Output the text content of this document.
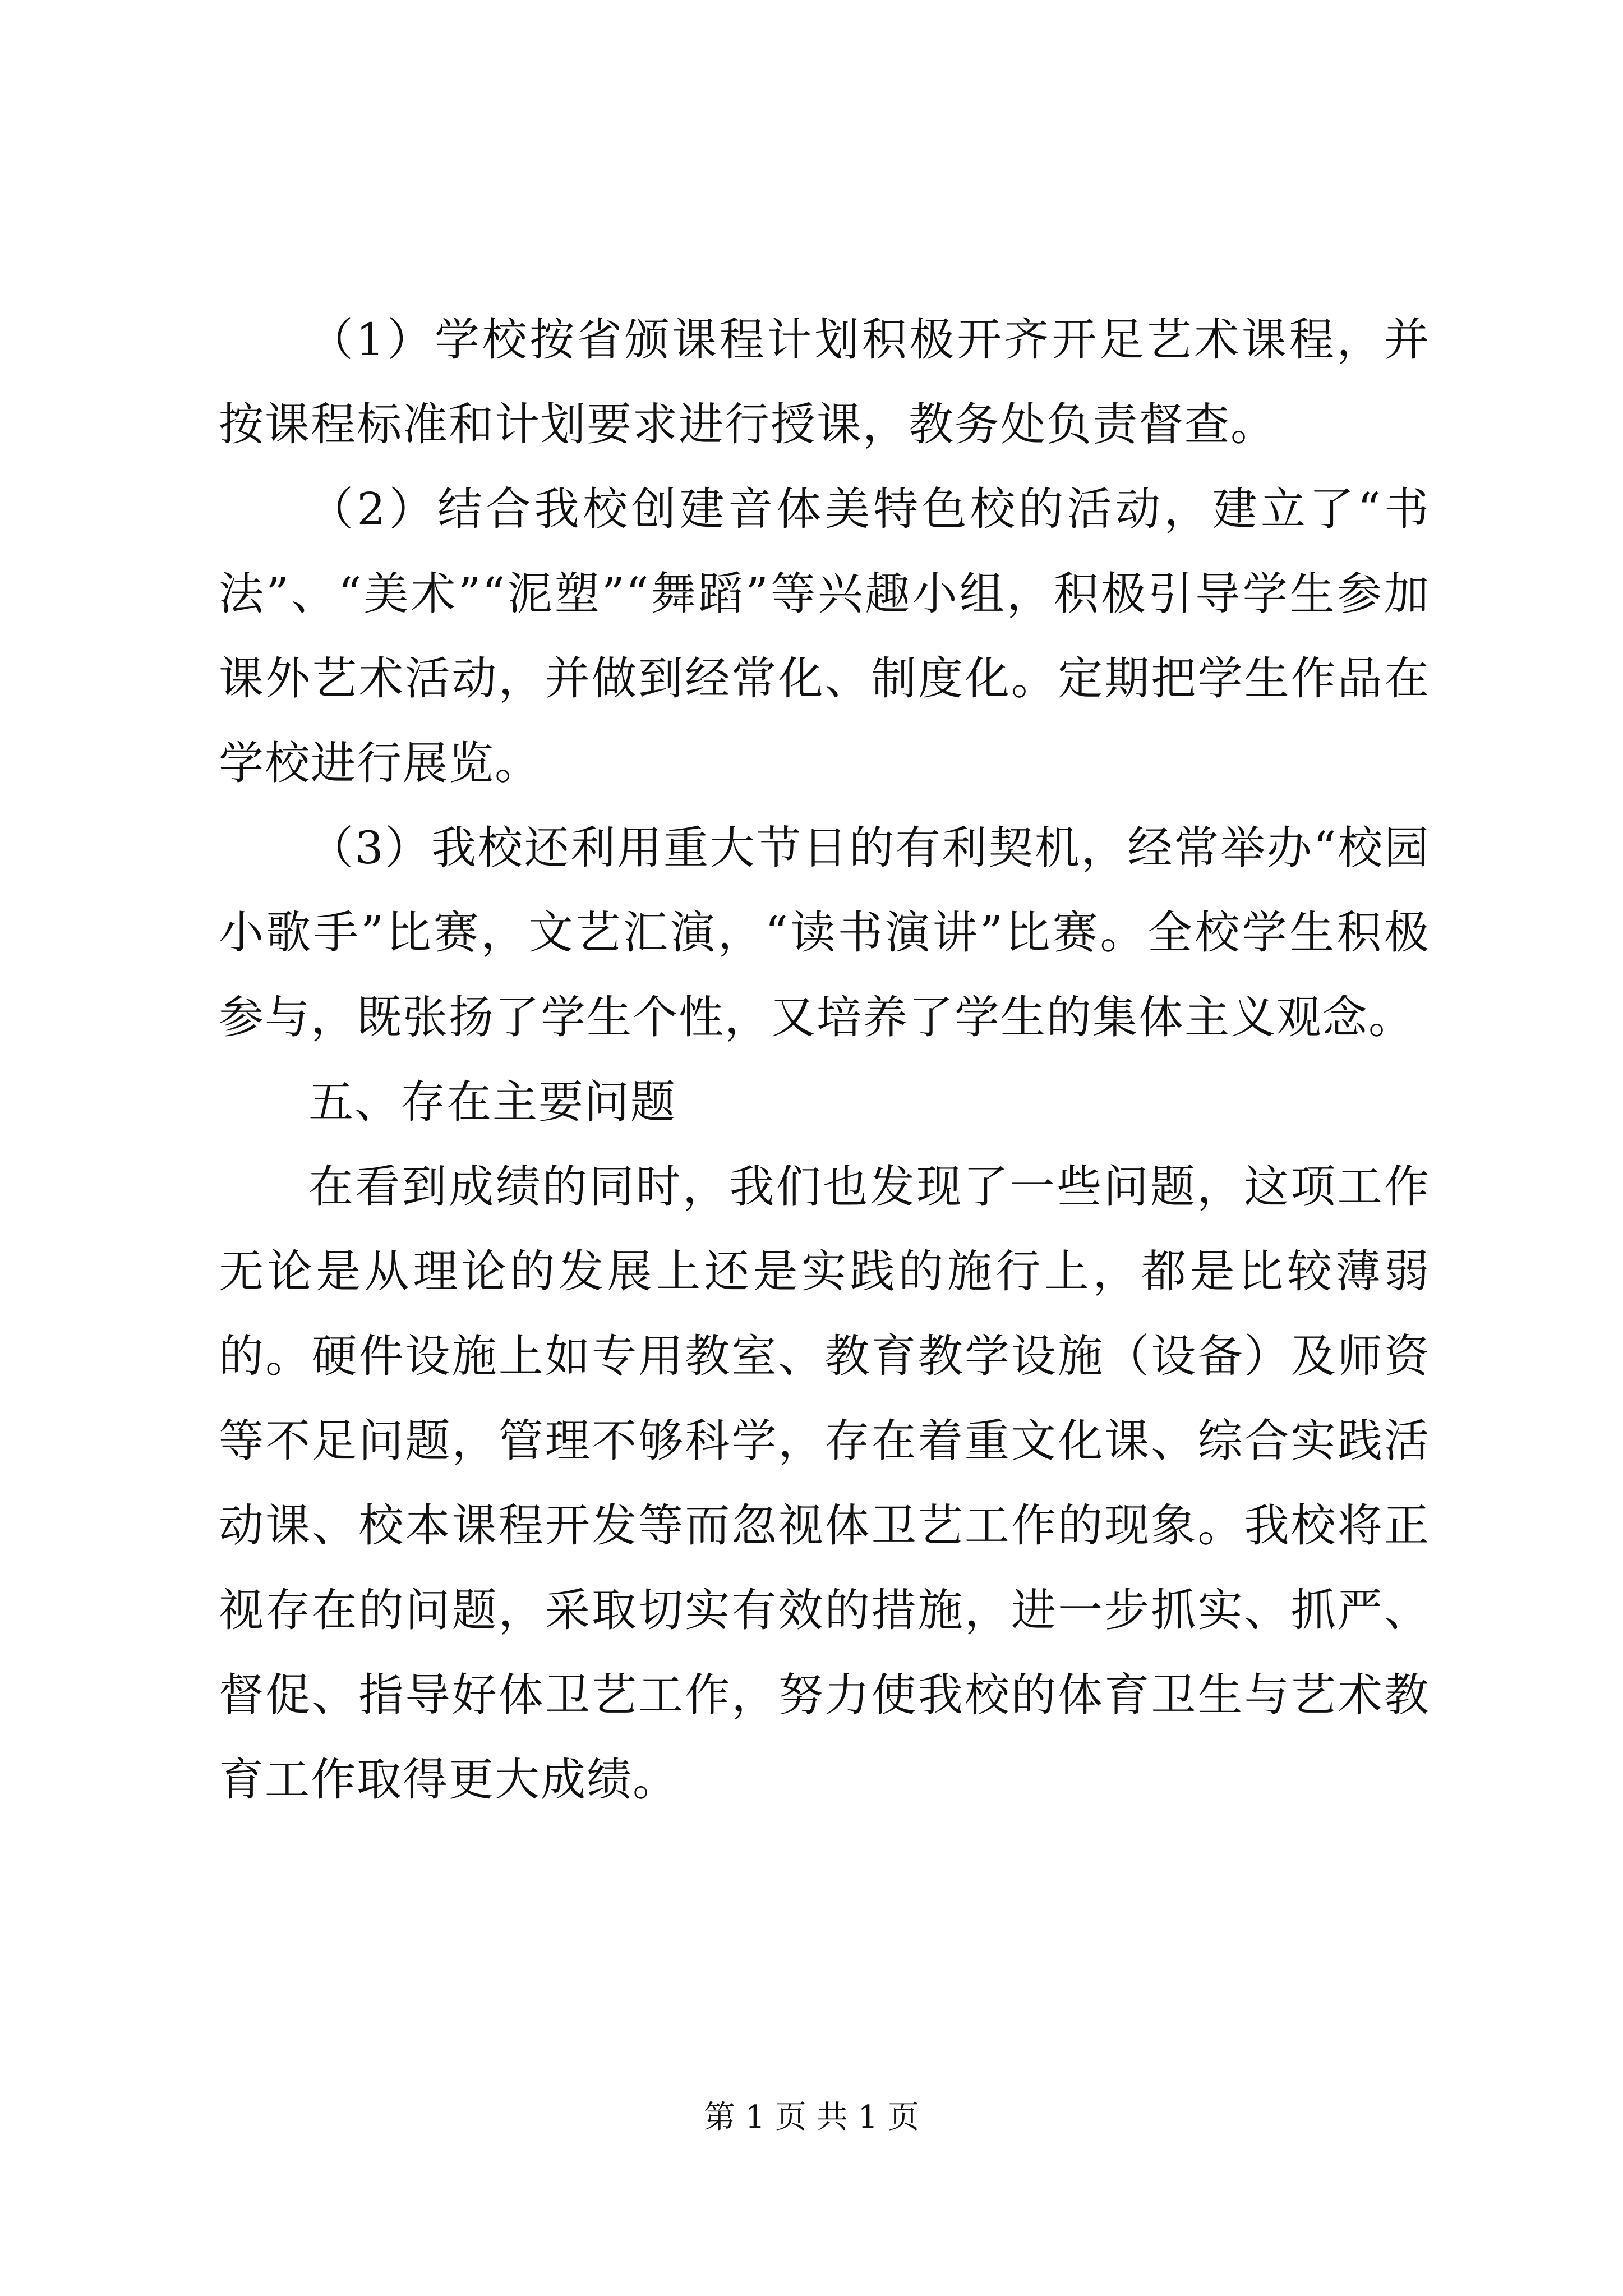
（1）学校按省颁课程计划积极开齐开足艺术课程，并按课程标准和计划要求进行授课，教务处负责督查。

（2）结合我校创建音体美特色校的活动，建立了“书法”、“美术”“泥塑”“舞蹈”等兴趣小组，积极引导学生参加课外艺术活动，并做到经常化、制度化。定期把学生作品在学校进行展览。

（3）我校还利用重大节日的有利契机，经常举办“校园小歌手”比赛，文艺汇演，“读书演讲”比赛。全校学生积极参与，既张扬了学生个性，又培养了学生的集体主义观念。

五、存在主要问题

在看到成绩的同时，我们也发现了一些问题，这项工作无论是从理论的发展上还是实践的施行上，都是比较薄弱的。硬件设施上如专用教室、教育教学设施（设备）及师资等不足问题，管理不够科学，存在着重文化课、综合实践活动课、校本课程开发等而忽视体卫艺工作的现象。我校将正视存在的问题，采取切实有效的措施，进一步抓实、抓严、督促、指导好体卫艺工作，努力使我校的体育卫生与艺术教育工作取得更大成绩。

第 1 页 共 1 页
